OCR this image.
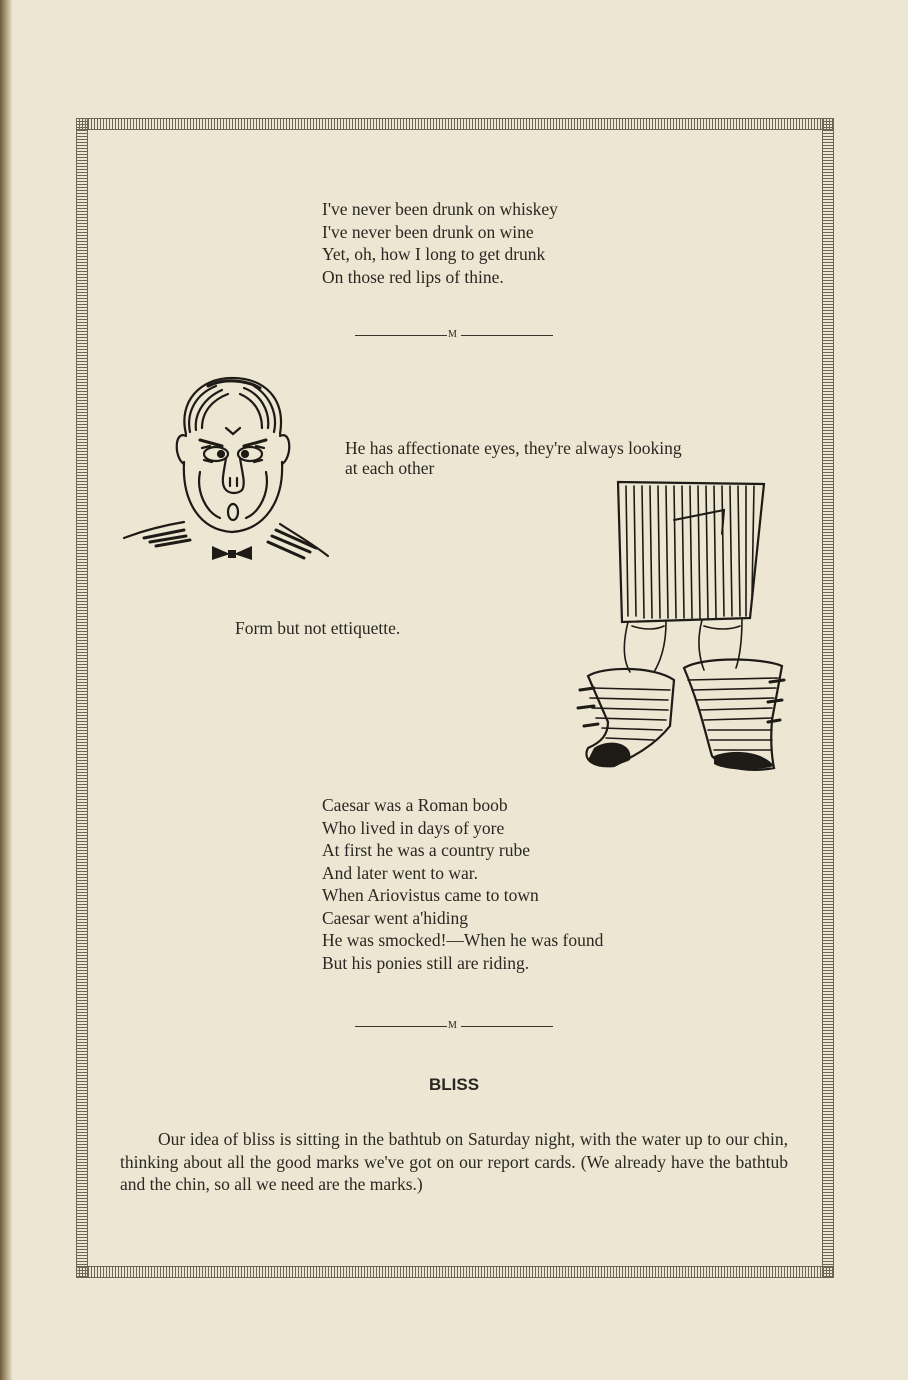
I've never been drunk on whiskey
I've never been drunk on wine
Yet, oh, how I long to get drunk
On those red lips of thine.
M
He has affectionate eyes, they're always looking
at each other
Form but not ettiquette.
Caesar was a Roman boob
Who lived in days of yore
At first he was a country rube
And later went to war.
When Ariovistus came to town
Caesar went a'hiding
He was smocked!—When he was found
But his ponies still are riding.
M
BLISS
Our idea of bliss is sitting in the bathtub on Saturday night, with the water up to our chin, thinking about all the good marks we've got on our report cards. (We already have the bathtub and the chin, so all we need are the marks.)
